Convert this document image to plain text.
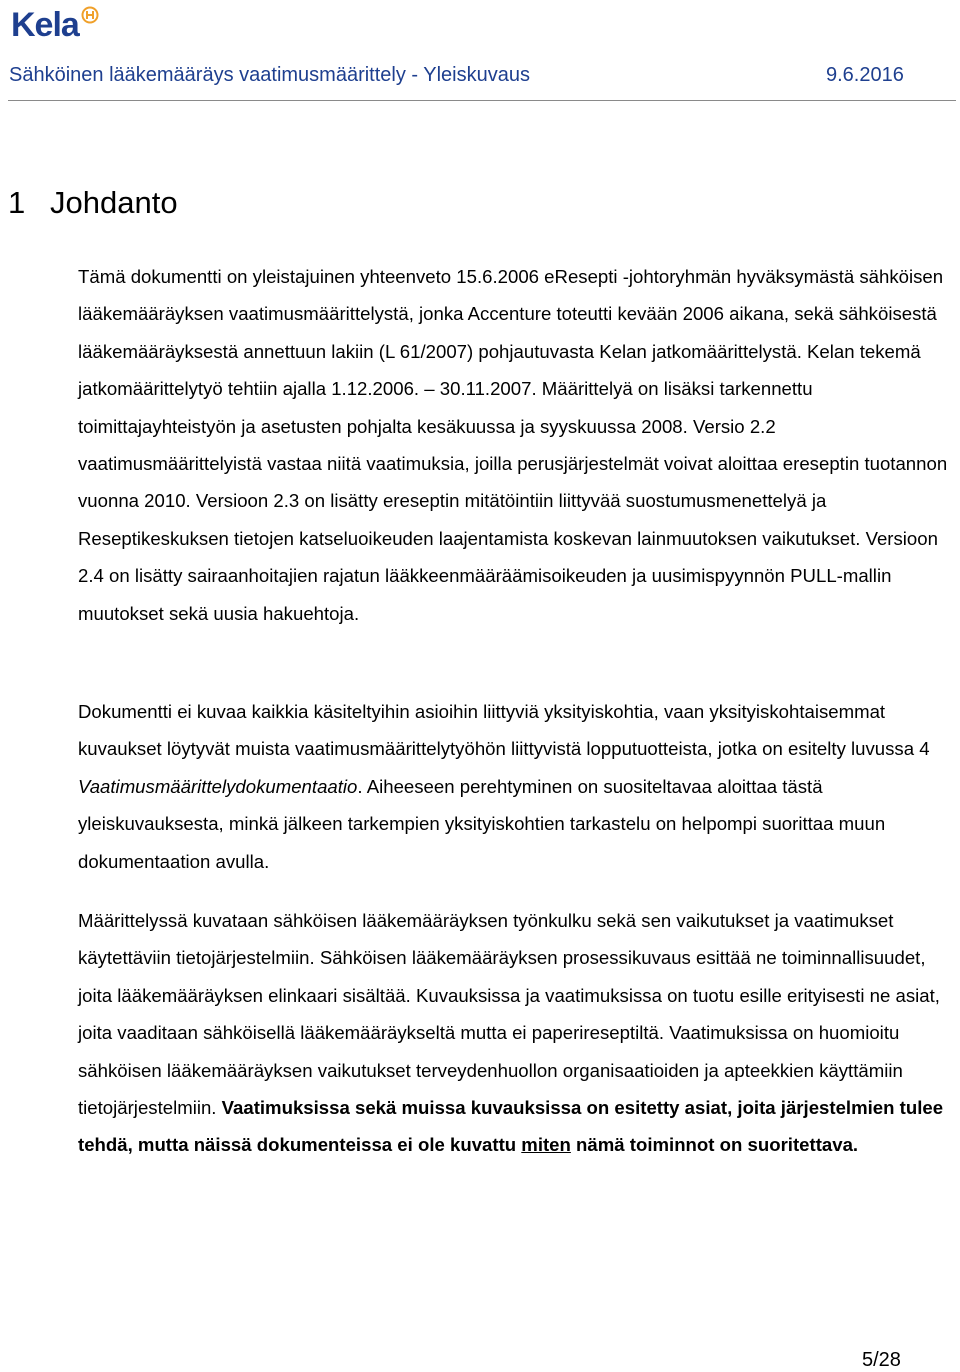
Kela
Sähköinen lääkemääräys vaatimusmäärittely - Yleiskuvaus	9.6.2016
1 Johdanto

Tämä dokumentti on yleistajuinen yhteenveto 15.6.2006 eResepti -johtoryhmän hyväksymästä sähköisen lääkemääräyksen vaatimusmäärittelystä, jonka Accenture toteutti kevään 2006 aikana, sekä sähköisestä lääkemääräyksestä annettuun lakiin (L 61/2007) pohjautuvasta Kelan jatkomäärittelystä. Kelan tekemä jatkomäärittelytyö tehtiin ajalla 1.12.2006. – 30.11.2007. Määrittelyä on lisäksi tarkennettu toimittajayhteistyön ja asetusten pohjalta kesäkuussa ja syyskuussa 2008. Versio 2.2 vaatimusmäärittelyistä vastaa niitä vaatimuksia, joilla perusjärjestelmät voivat aloittaa ereseptin tuotannon vuonna 2010. Versioon 2.3 on lisätty ereseptin mitätöintiin liittyvää suostumusmenettelyä ja Reseptikeskuksen tietojen katseluoikeuden laajentamista koskevan lainmuutoksen vaikutukset. Versioon 2.4 on lisätty sairaanhoitajien rajatun lääkkeenmääräämisoikeuden ja uusimispyynnön PULL-mallin muutokset sekä uusia hakuehtoja.

Dokumentti ei kuvaa kaikkia käsiteltyihin asioihin liittyviä yksityiskohtia, vaan yksityiskohtaisemmat kuvaukset löytyvät muista vaatimusmäärittelytyöhön liittyvistä lopputuotteista, jotka on esitelty luvussa 4 Vaatimusmäärittelydokumentaatio. Aiheeseen perehtyminen on suositeltavaa aloittaa tästä yleiskuvauksesta, minkä jälkeen tarkempien yksityiskohtien tarkastelu on helpompi suorittaa muun dokumentaation avulla.

Määrittelyssä kuvataan sähköisen lääkemääräyksen työnkulku sekä sen vaikutukset ja vaatimukset käytettäviin tietojärjestelmiin. Sähköisen lääkemääräyksen prosessikuvaus esittää ne toiminnallisuudet, joita lääkemääräyksen elinkaari sisältää. Kuvauksissa ja vaatimuksissa on tuotu esille erityisesti ne asiat, joita vaaditaan sähköisellä lääkemääräykseltä mutta ei paperireseptiltä. Vaatimuksissa on huomioitu sähköisen lääkemääräyksen vaikutukset terveydenhuollon organisaatioiden ja apteekkien käyttämiin tietojärjestelmiin. Vaatimuksissa sekä muissa kuvauksissa on esitetty asiat, joita järjestelmien tulee tehdä, mutta näissä dokumenteissa ei ole kuvattu miten nämä toiminnot on suoritettava.

5/28
